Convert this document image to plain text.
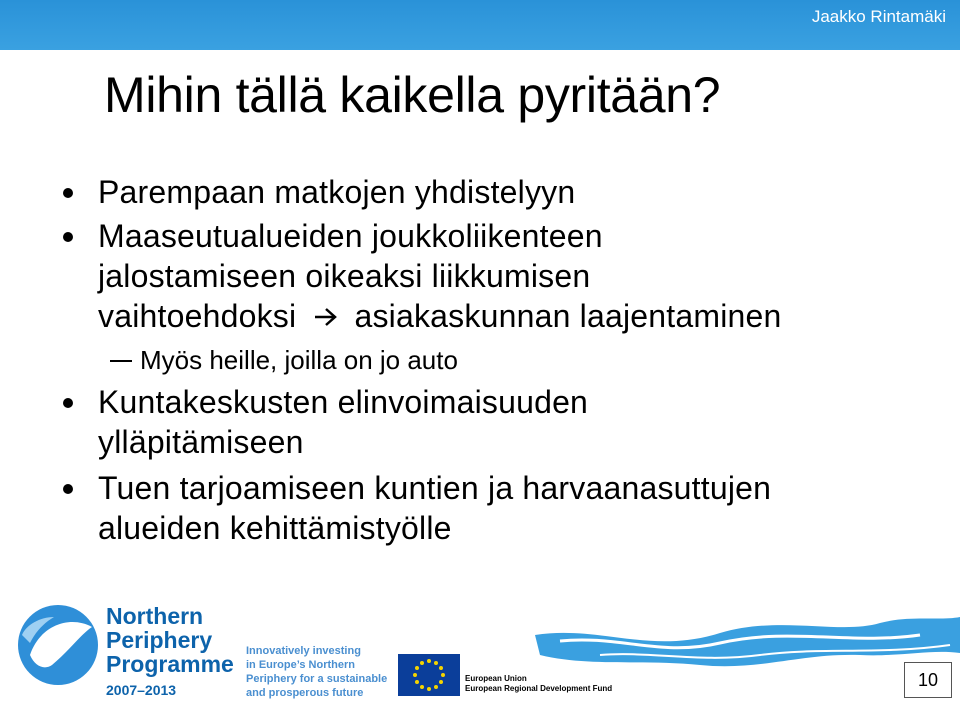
Jaakko Rintamäki
Mihin tällä kaikella pyritään?
Parempaan matkojen yhdistelyyn
Maaseutualueiden joukkoliikenteen
jalostamiseen oikeaksi liikkumisen
vaihtoehdoksi asiakaskunnan laajentaminen
Myös heille, joilla on jo auto
Kuntakeskusten elinvoimaisuuden
ylläpitämiseen
Tuen tarjoamiseen kuntien ja harvaanasuttujen
alueiden kehittämistyölle
Northern
Periphery
Programme
2007–2013
Innovatively investing
in Europe’s Northern
Periphery for a sustainable
and prosperous future
European Union
European Regional Development Fund	10
